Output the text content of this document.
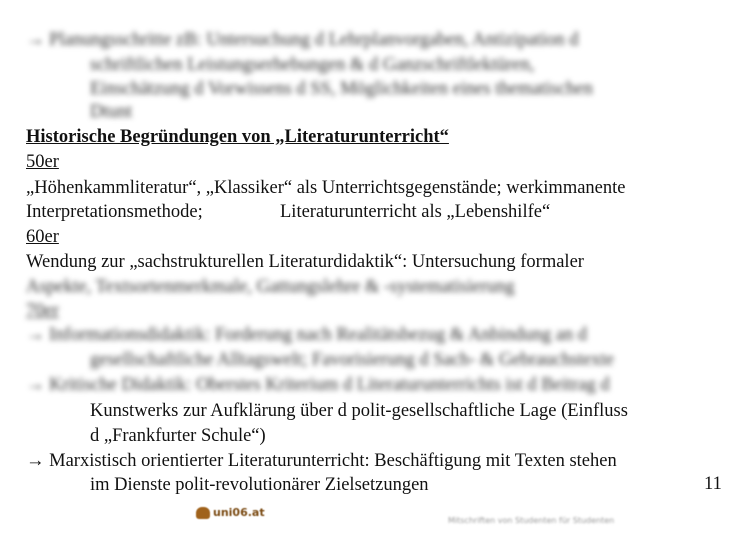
→ Planungsschritte zB: Untersuchung d Lehrplanvorgaben, Antizipation d
schriftlichen Leistungserhebungen & d Ganzschriftlektüren,
Einschätzung d Vorwissens d SS, Möglichkeiten eines thematischen
Dtunt
Historische Begründungen von „Literaturunterricht“
50er
„Höhenkammliteratur“, „Klassiker“ als Unterrichtsgegenstände; werkimmanente
Interpretationsmethode;	Literaturunterricht als „Lebenshilfe“
60er
Wendung zur „sachstrukturellen Literaturdidaktik“: Untersuchung formaler
Aspekte, Textsortenmerkmale, Gattungslehre & -systematisierung
70er
→ Informationsdidaktik: Forderung nach Realitätsbezug & Anbindung an d
gesellschaftliche Alltagswelt; Favorisierung d Sach- & Gebrauchstexte
→ Kritische Didaktik: Oberstes Kriterium d Literaturunterrichts ist d Beitrag d
Kunstwerks zur Aufklärung über d polit-gesellschaftliche Lage (Einfluss
d „Frankfurter Schule“)
→ Marxistisch orientierter Literaturunterricht: Beschäftigung mit Texten stehen
im Dienste polit-revolutionärer Zielsetzungen	11
uni06.at
Mitschriften von Studenten für Studenten
